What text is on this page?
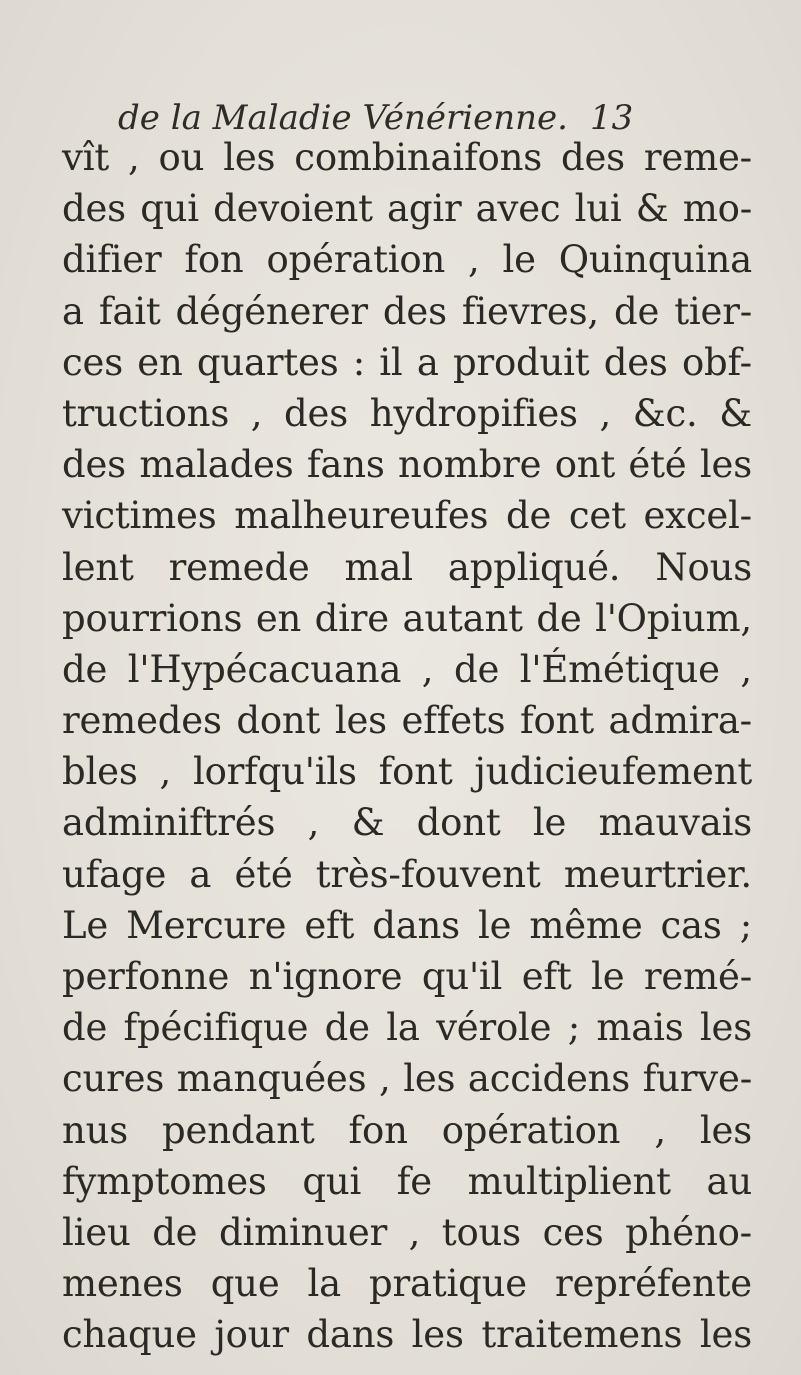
de la Maladie Vénérienne. 13
vît , ou les combinaifons des reme-
des qui devoient agir avec lui & mo-
difier fon opération , le Quinquina
a fait dégénerer des fievres, de tier-
ces en quartes : il a produit des obf-
tructions , des hydropifies , &c. &
des malades fans nombre ont été les
victimes malheureufes de cet excel-
lent remede mal appliqué. Nous
pourrions en dire autant de l'Opium,
de l'Hypécacuana , de l'Émétique ,
remedes dont les effets font admira-
bles , lorfqu'ils font judicieufement
adminiftrés , & dont le mauvais
ufage a été très-fouvent meurtrier.
Le Mercure eft dans le même cas ;
perfonne n'ignore qu'il eft le remé-
de fpécifique de la vérole ; mais les
cures manquées , les accidens furve-
nus pendant fon opération , les
fymptomes qui fe multiplient au
lieu de diminuer , tous ces phéno-
menes que la pratique repréfente
chaque jour dans les traitemens les
